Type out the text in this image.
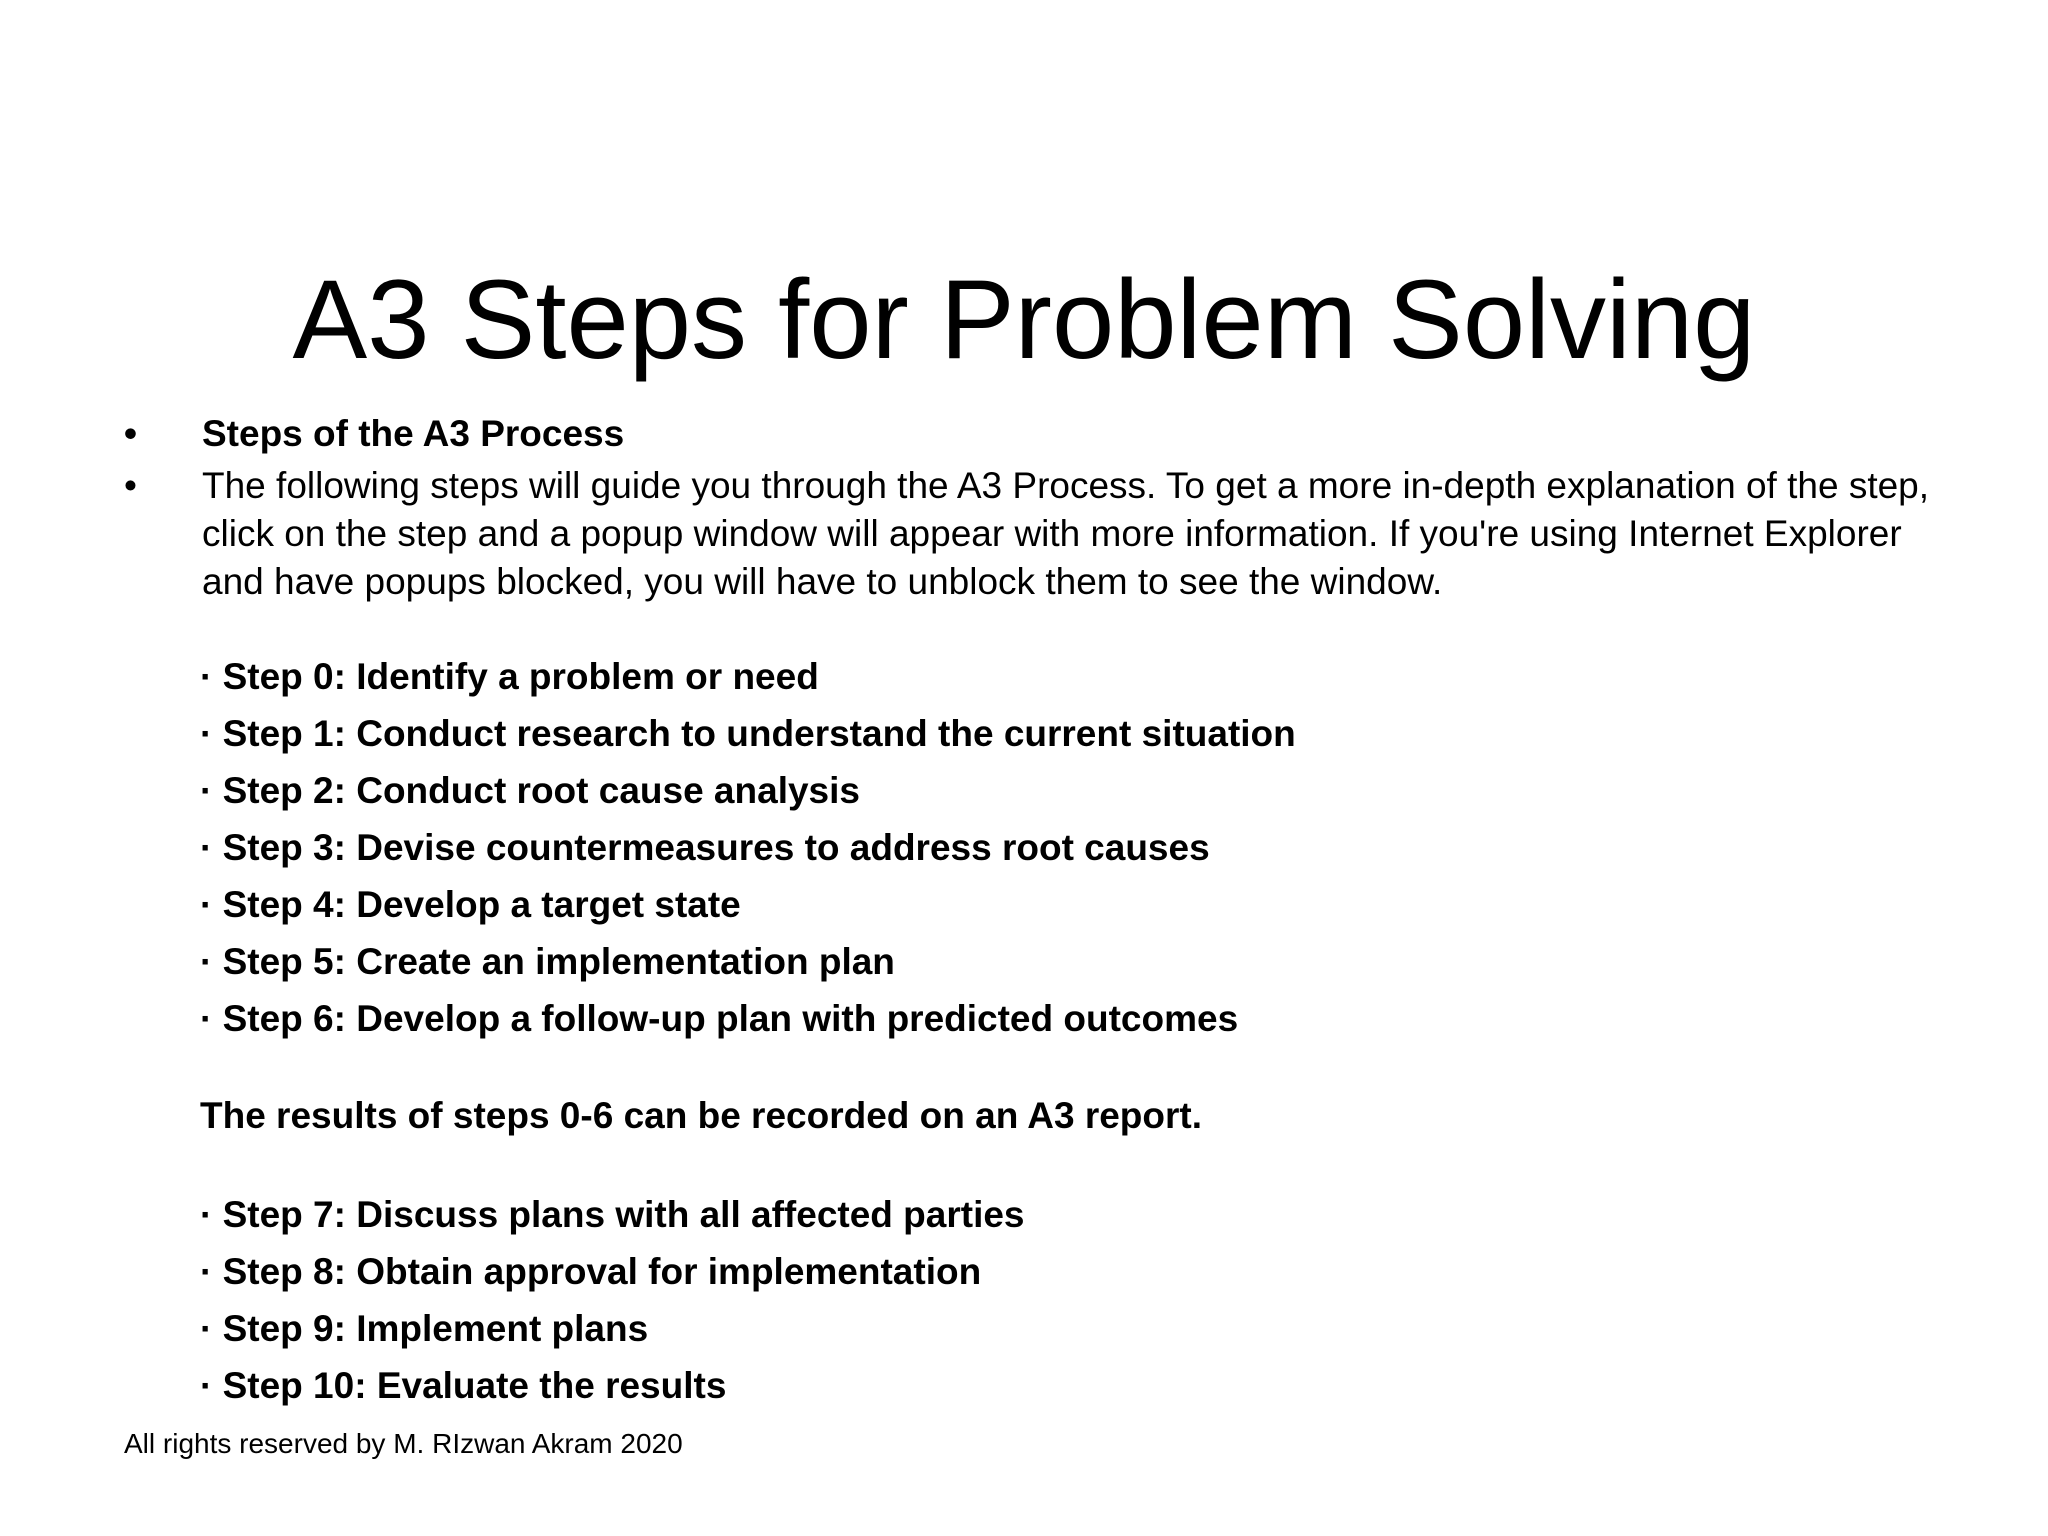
A3 Steps for Problem Solving
• Steps of the A3 Process
• The following steps will guide you through the A3 Process. To get a more in-depth explanation of the step, click on the step and a popup window will appear with more information. If you're using Internet Explorer and have popups blocked, you will have to unblock them to see the window.
· Step 0: Identify a problem or need
· Step 1: Conduct research to understand the current situation
· Step 2: Conduct root cause analysis
· Step 3: Devise countermeasures to address root causes
· Step 4: Develop a target state
· Step 5: Create an implementation plan
· Step 6: Develop a follow-up plan with predicted outcomes

The results of steps 0-6 can be recorded on an A3 report.

· Step 7: Discuss plans with all affected parties
· Step 8: Obtain approval for implementation
· Step 9: Implement plans
· Step 10: Evaluate the results

All rights reserved by M. RIzwan Akram 2020
